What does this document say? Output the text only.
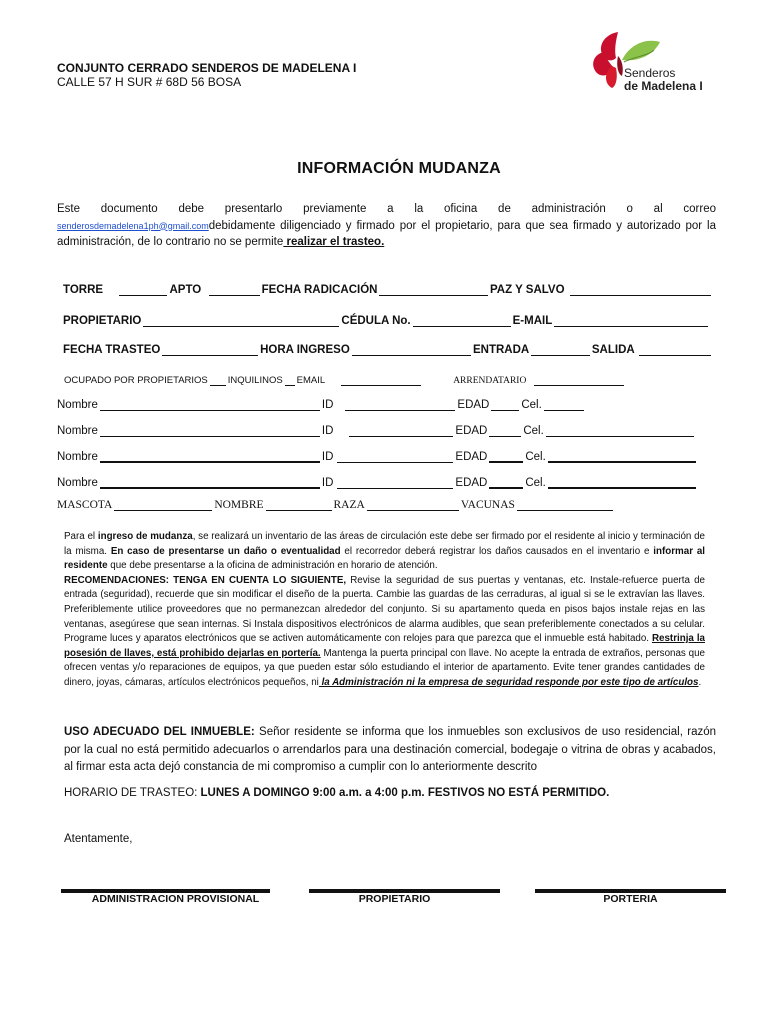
CONJUNTO CERRADO SENDEROS DE MADELENA I
CALLE 57 H SUR # 68D 56 BOSA
Senderos
de Madelena I
INFORMACIÓN MUDANZA
Este documento debe presentarlo previamente a la oficina de administración o al correo senderosdemadelena1ph@gmail.comdebidamente diligenciado y firmado por el propietario, para que sea firmado y autorizado por la administración, de lo contrario no se permite realizar el trasteo.
TORRE	APTO	FECHA RADICACIÓN	PAZ Y SALVO
PROPIETARIO	CÉDULA No.	E-MAIL
FECHA TRASTEO	HORA INGRESO	ENTRADA	SALIDA
OCUPADO POR PROPIETARIOS INQUILINOS EMAIL	ARRENDATARIO
Nombre	ID	EDAD	Cel.
Nombre	ID	EDAD	Cel.
Nombre	ID	EDAD	Cel.
Nombre	ID	EDAD	Cel.
MASCOTA	NOMBRE	RAZA	VACUNAS
Para el ingreso de mudanza, se realizará un inventario de las áreas de circulación este debe ser firmado por el residente al inicio y terminación de la misma. En caso de presentarse un daño o eventualidad el recorredor deberá registrar los daños causados en el inventario e informar al residente que debe presentarse a la oficina de administración en horario de atención.
RECOMENDACIONES: TENGA EN CUENTA LO SIGUIENTE, Revise la seguridad de sus puertas y ventanas, etc. Instale-refuerce puerta de entrada (seguridad), recuerde que sin modificar el diseño de la puerta. Cambie las guardas de las cerraduras, al igual si se le extravían las llaves. Preferiblemente utilice proveedores que no permanezcan alrededor del conjunto. Si su apartamento queda en pisos bajos instale rejas en las ventanas, asegúrese que sean internas. Si Instala dispositivos electrónicos de alarma audibles, que sean preferiblemente conectados a su celular. Programe luces y aparatos electrónicos que se activen automáticamente con relojes para que parezca que el inmueble está habitado. Restrinja la posesión de llaves, está prohibido dejarlas en portería. Mantenga la puerta principal con llave. No acepte la entrada de extraños, personas que ofrecen ventas y/o reparaciones de equipos, ya que pueden estar sólo estudiando el interior de apartamento. Evite tener grandes cantidades de dinero, joyas, cámaras, artículos electrónicos pequeños, ni la Administración ni la empresa de seguridad responde por este tipo de artículos.
USO ADECUADO DEL INMUEBLE: Señor residente se informa que los inmuebles son exclusivos de uso residencial, razón por la cual no está permitido adecuarlos o arrendarlos para una destinación comercial, bodegaje o vitrina de obras y acabados, al firmar esta acta dejó constancia de mi compromiso a cumplir con lo anteriormente descrito
HORARIO DE TRASTEO: LUNES A DOMINGO 9:00 a.m. a 4:00 p.m. FESTIVOS NO ESTÁ PERMITIDO.
Atentamente,
ADMINISTRACION PROVISIONAL	PROPIETARIO	PORTERIA
